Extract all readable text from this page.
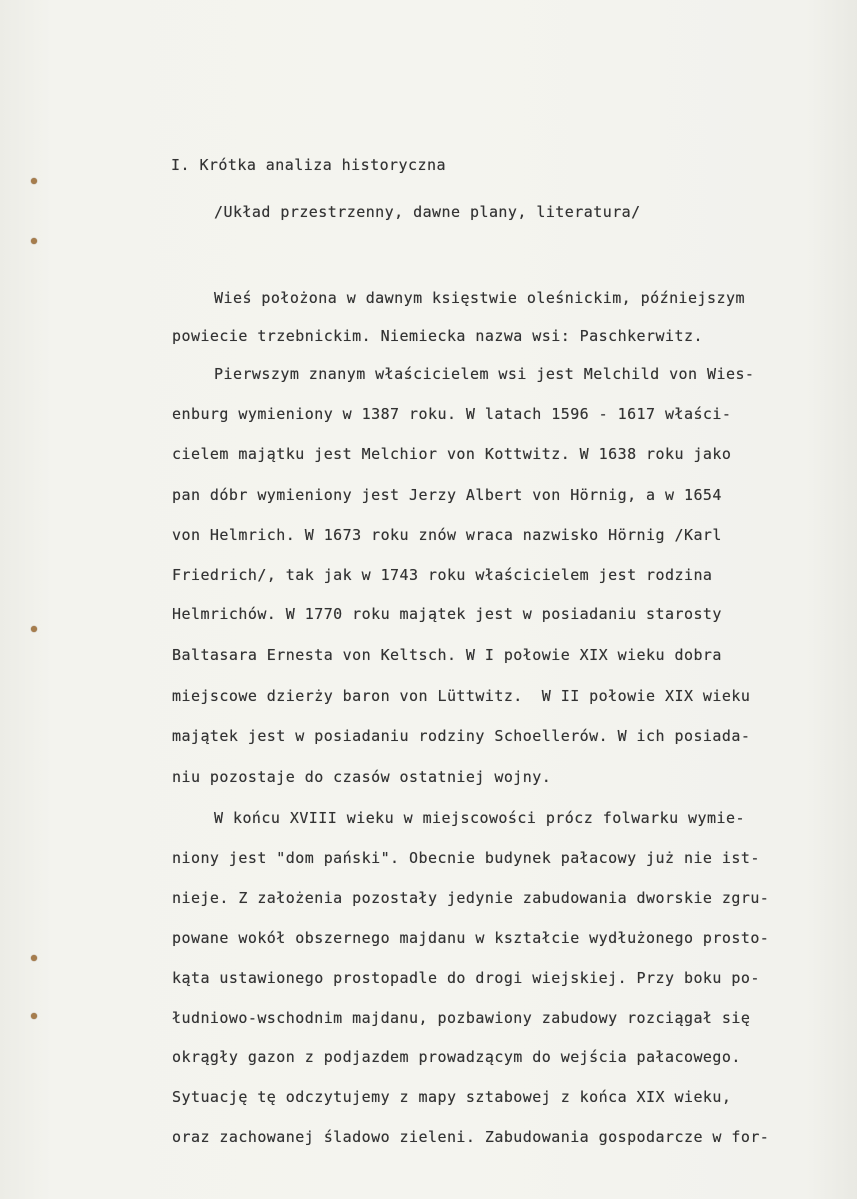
I. Krótka analiza historyczna
/Układ przestrzenny, dawne plany, literatura/
Wieś położona w dawnym księstwie oleśnickim, późniejszym
powiecie trzebnickim. Niemiecka nazwa wsi: Paschkerwitz.
Pierwszym znanym właścicielem wsi jest Melchild von Wies-
enburg wymieniony w 1387 roku. W latach 1596 - 1617 właści-
cielem majątku jest Melchior von Kottwitz. W 1638 roku jako
pan dóbr wymieniony jest Jerzy Albert von Hörnig, a w 1654
von Helmrich. W 1673 roku znów wraca nazwisko Hörnig /Karl
Friedrich/, tak jak w 1743 roku właścicielem jest rodzina
Helmrichów. W 1770 roku majątek jest w posiadaniu starosty
Baltasara Ernesta von Keltsch. W I połowie XIX wieku dobra
miejscowe dzierży baron von Lüttwitz.  W II połowie XIX wieku
majątek jest w posiadaniu rodziny Schoellerów. W ich posiada-
niu pozostaje do czasów ostatniej wojny.
W końcu XVIII wieku w miejscowości prócz folwarku wymie-
niony jest "dom pański". Obecnie budynek pałacowy już nie ist-
nieje. Z założenia pozostały jedynie zabudowania dworskie zgru-
powane wokół obszernego majdanu w kształcie wydłużonego prosto-
kąta ustawionego prostopadle do drogi wiejskiej. Przy boku po-
łudniowo-wschodnim majdanu, pozbawiony zabudowy rozciągał się
okrągły gazon z podjazdem prowadzącym do wejścia pałacowego.
Sytuację tę odczytujemy z mapy sztabowej z końca XIX wieku,
oraz zachowanej śladowo zieleni. Zabudowania gospodarcze w for-
